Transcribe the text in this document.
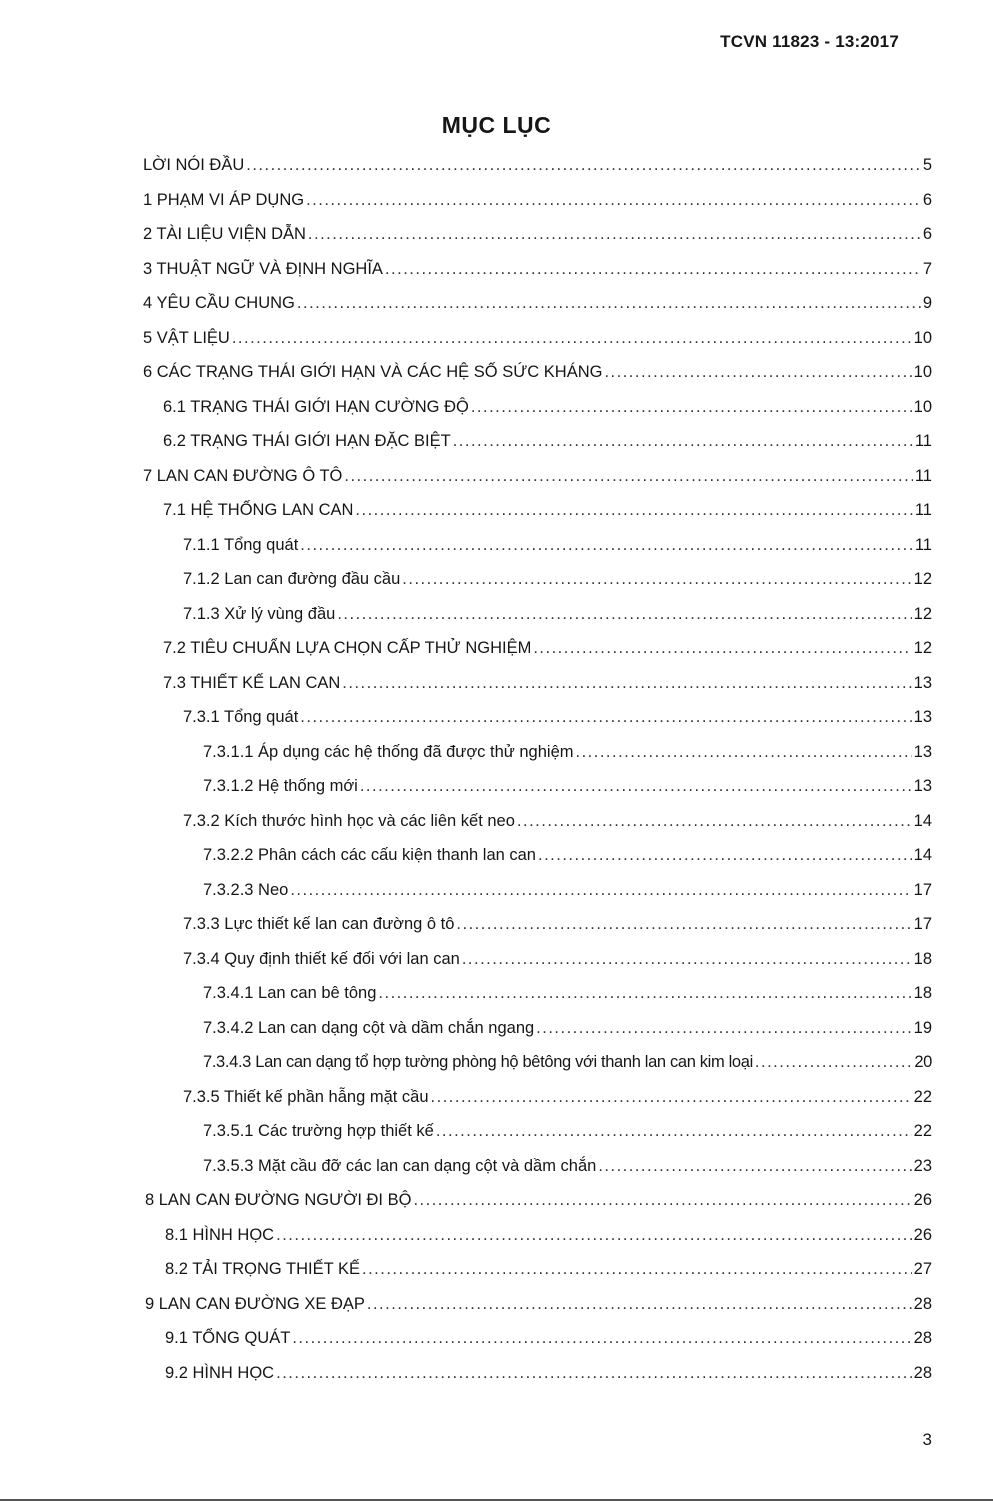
TCVN 11823 - 13:2017
MỤC LỤC
LỜI NÓI ĐẦU .....	5
1 PHẠM VI ÁP DỤNG .....	6
2 TÀI LIỆU VIỆN DẪN .....	6
3 THUẬT NGỮ VÀ ĐỊNH NGHĨA .....	7
4 YÊU CẦU CHUNG .....	9
5 VẬT LIỆU .....	10
6 CÁC TRẠNG THÁI GIỚI HẠN VÀ CÁC HỆ SỐ SỨC KHÁNG .....	10
6.1 TRẠNG THÁI GIỚI HẠN CƯỜNG ĐỘ .....	10
6.2 TRẠNG THÁI GIỚI HẠN ĐẶC BIỆT .....	11
7 LAN CAN ĐƯỜNG Ô TÔ .....	11
7.1 HỆ THỐNG LAN CAN .....	11
7.1.1 Tổng quát .....	11
7.1.2 Lan can đường đầu cầu .....	12
7.1.3 Xử lý vùng đầu .....	12
7.2 TIÊU CHUẨN LỰA CHỌN CẤP THỬ NGHIỆM .....	12
7.3 THIẾT KẾ LAN CAN .....	13
7.3.1 Tổng quát .....	13
7.3.1.1 Áp dụng các hệ thống đã được thử nghiệm .....	13
7.3.1.2 Hệ thống mới .....	13
7.3.2 Kích thước hình học và các liên kết neo .....	14
7.3.2.2 Phân cách các cấu kiện thanh lan can .....	14
7.3.2.3 Neo .....	17
7.3.3 Lực thiết kế lan can đường ô tô .....	17
7.3.4 Quy định thiết kế đối với lan can .....	18
7.3.4.1 Lan can bê tông .....	18
7.3.4.2 Lan can dạng cột và dầm chắn ngang .....	19
7.3.4.3 Lan can dạng tổ hợp tường phòng hộ bêtông với thanh lan can kim loại .....	20
7.3.5 Thiết kế phần hẫng mặt cầu .....	22
7.3.5.1 Các trường hợp thiết kế .....	22
7.3.5.3 Mặt cầu đỡ các lan can dạng cột và dầm chắn .....	23
8 LAN CAN ĐƯỜNG NGƯỜI ĐI BỘ .....	26
8.1 HÌNH HỌC .....	26
8.2 TẢI TRỌNG THIẾT KẾ .....	27
9 LAN CAN ĐƯỜNG XE ĐẠP .....	28
9.1 TỔNG QUÁT .....	28
9.2 HÌNH HỌC .....	28
3
